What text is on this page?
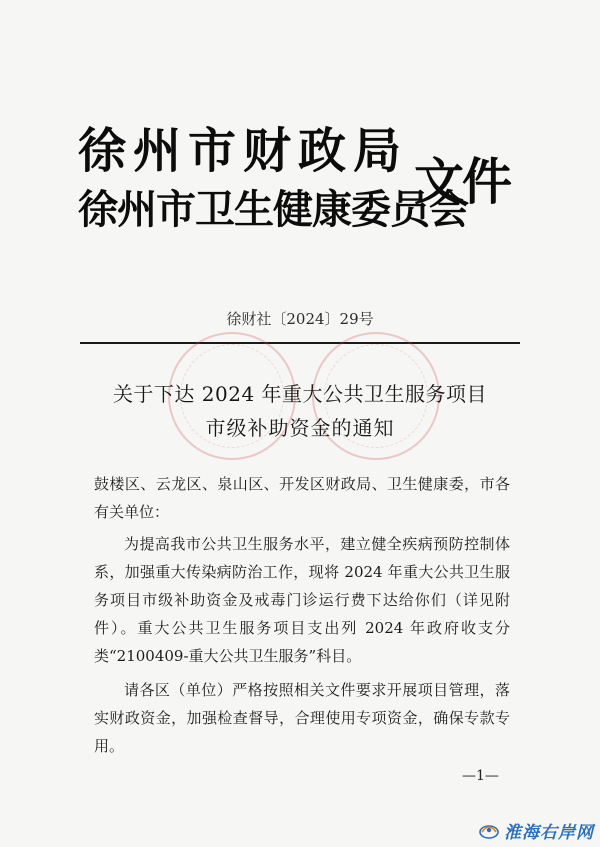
徐州市财政局
徐州市卫生健康委员会
文件
徐财社〔2024〕29号
关于下达 2024 年重大公共卫生服务项目
市级补助资金的通知
鼓楼区、云龙区、泉山区、开发区财政局、卫生健康委，市各有关单位：
为提高我市公共卫生服务水平，建立健全疾病预防控制体系，加强重大传染病防治工作，现将 2024 年重大公共卫生服务项目市级补助资金及戒毒门诊运行费下达给你们（详见附件）。重大公共卫生服务项目支出列 2024 年政府收支分类“2100409-重大公共卫生服务”科目。
请各区（单位）严格按照相关文件要求开展项目管理，落实财政资金，加强检查督导，合理使用专项资金，确保专款专用。
—1—
淮海右岸网
